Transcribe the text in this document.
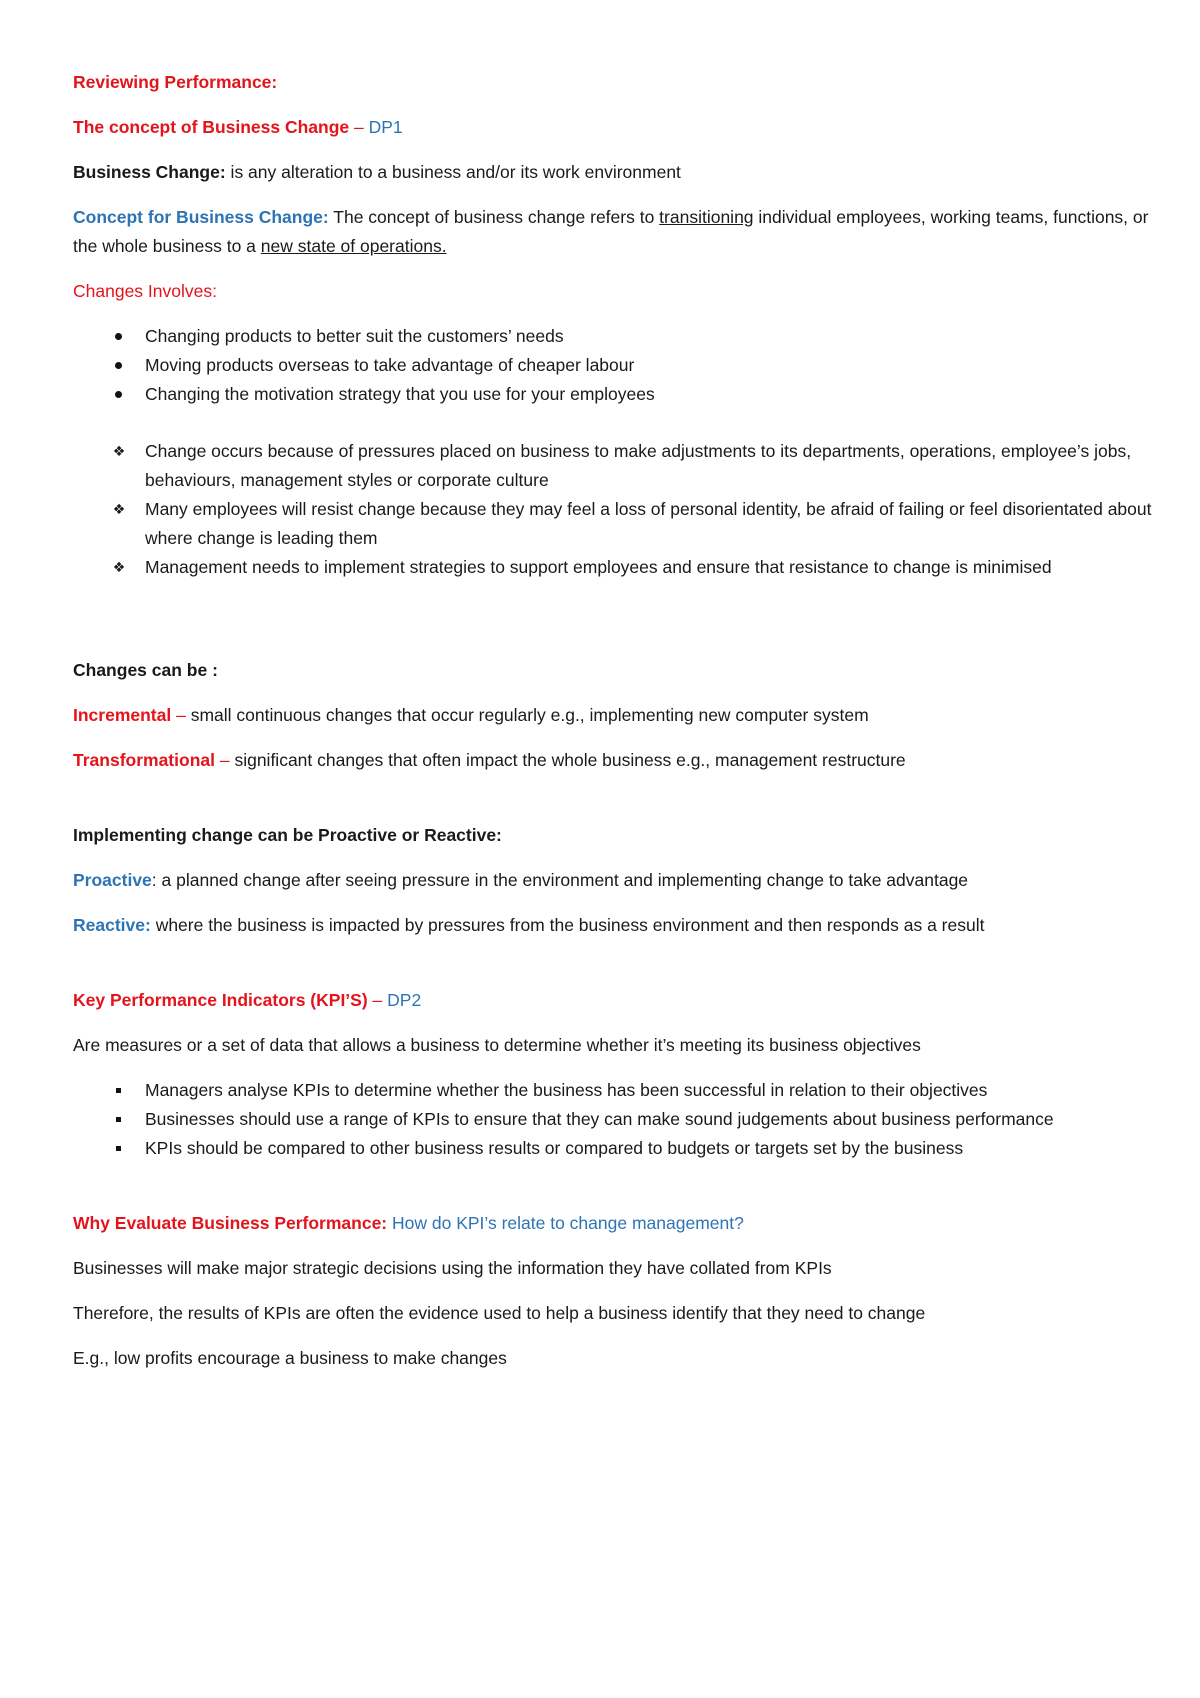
Reviewing Performance:

The concept of Business Change – DP1

Business Change: is any alteration to a business and/or its work environment

Concept for Business Change: The concept of business change refers to transitioning individual employees, working teams, functions, or the whole business to a new state of operations.

Changes Involves:

Changing products to better suit the customers’ needs
Moving products overseas to take advantage of cheaper labour
Changing the motivation strategy that you use for your employees
❖ Change occurs because of pressures placed on business to make adjustments to its departments, operations, employee’s jobs, behaviours, management styles or corporate culture
❖ Many employees will resist change because they may feel a loss of personal identity, be afraid of failing or feel disorientated about where change is leading them
❖ Management needs to implement strategies to support employees and ensure that resistance to change is minimised

Changes can be :

Incremental – small continuous changes that occur regularly e.g., implementing new computer system

Transformational – significant changes that often impact the whole business e.g., management restructure

Implementing change can be Proactive or Reactive:

Proactive: a planned change after seeing pressure in the environment and implementing change to take advantage

Reactive: where the business is impacted by pressures from the business environment and then responds as a result

Key Performance Indicators (KPI’S) – DP2

Are measures or a set of data that allows a business to determine whether it’s meeting its business objectives

Managers analyse KPIs to determine whether the business has been successful in relation to their objectives
Businesses should use a range of KPIs to ensure that they can make sound judgements about business performance
KPIs should be compared to other business results or compared to budgets or targets set by the business

Why Evaluate Business Performance: How do KPI’s relate to change management?

Businesses will make major strategic decisions using the information they have collated from KPIs

Therefore, the results of KPIs are often the evidence used to help a business identify that they need to change

E.g., low profits encourage a business to make changes
